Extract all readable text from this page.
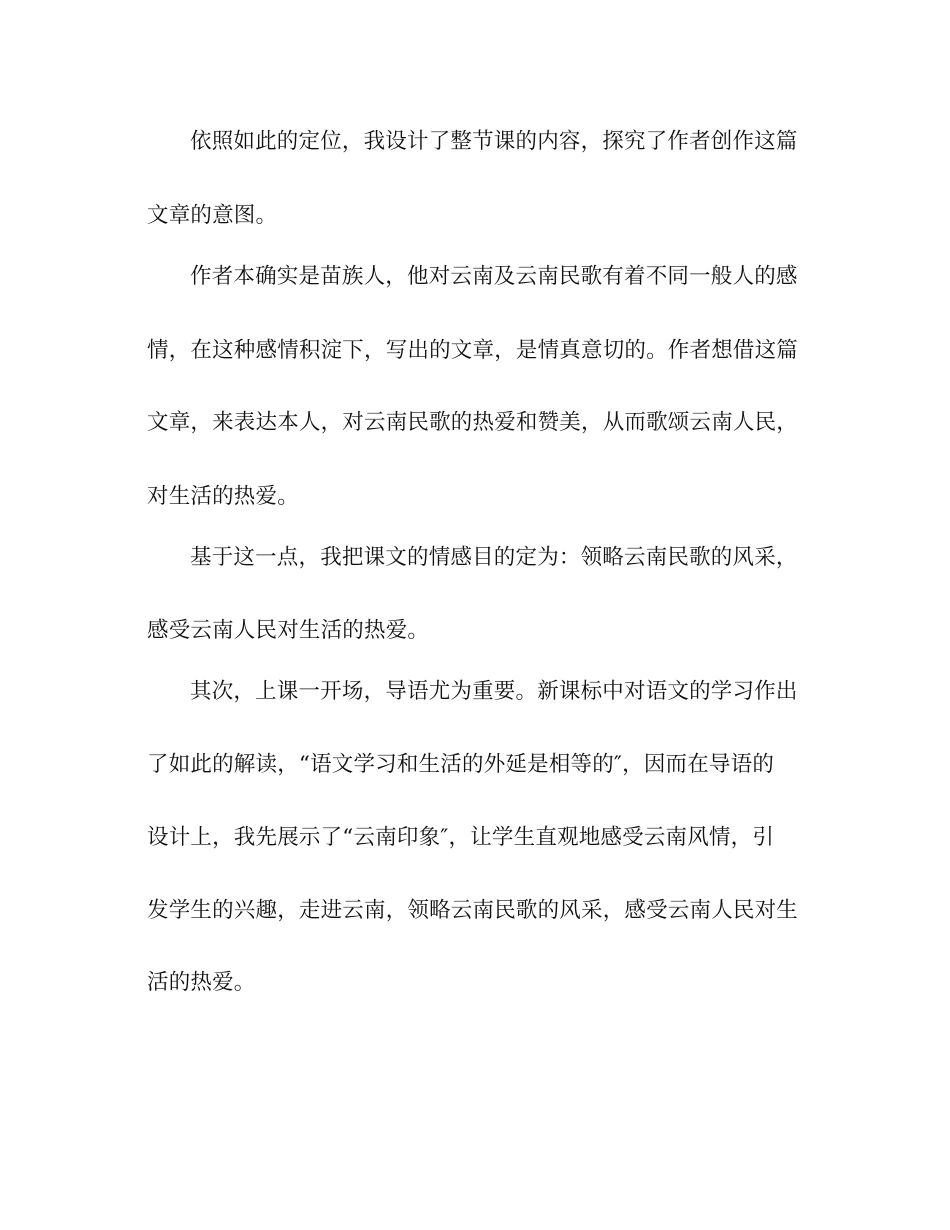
依照如此的定位，我设计了整节课的内容，探究了作者创作这篇
文章的意图。
作者本确实是苗族人，他对云南及云南民歌有着不同一般人的感
情，在这种感情积淀下，写出的文章，是情真意切的。作者想借这篇
文章，来表达本人，对云南民歌的热爱和赞美，从而歌颂云南人民，
对生活的热爱。
基于这一点，我把课文的情感目的定为：领略云南民歌的风采，
感受云南人民对生活的热爱。
其次，上课一开场，导语尤为重要。新课标中对语文的学习作出
了如此的解读，“语文学习和生活的外延是相等的″，因而在导语的
设计上，我先展示了“云南印象″，让学生直观地感受云南风情，引
发学生的兴趣，走进云南，领略云南民歌的风采，感受云南人民对生
活的热爱。
